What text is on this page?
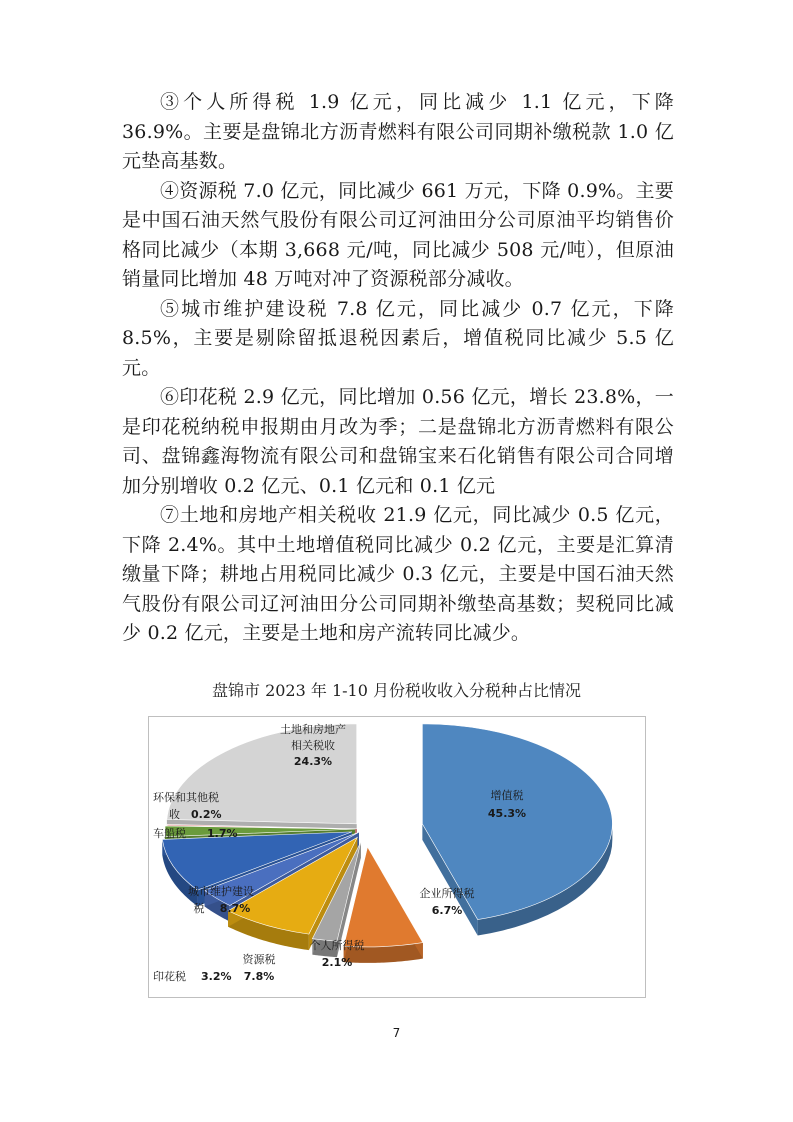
③个人所得税 1.9 亿元，同比减少 1.1 亿元，下降 36.9%。主要是盘锦北方沥青燃料有限公司同期补缴税款 1.0 亿元垫高基数。

④资源税 7.0 亿元，同比减少 661 万元，下降 0.9%。主要是中国石油天然气股份有限公司辽河油田分公司原油平均销售价格同比减少（本期 3,668 元/吨，同比减少 508 元/吨），但原油销量同比增加 48 万吨对冲了资源税部分减收。

⑤城市维护建设税 7.8 亿元，同比减少 0.7 亿元，下降 8.5%，主要是剔除留抵退税因素后，增值税同比减少 5.5 亿元。

⑥印花税 2.9 亿元，同比增加 0.56 亿元，增长 23.8%，一是印花税纳税申报期由月改为季；二是盘锦北方沥青燃料有限公司、盘锦鑫海物流有限公司和盘锦宝来石化销售有限公司合同增加分别增收 0.2 亿元、0.1 亿元和 0.1 亿元

⑦土地和房地产相关税收 21.9 亿元，同比减少 0.5 亿元，下降 2.4%。其中土地增值税同比减少 0.2 亿元，主要是汇算清缴量下降；耕地占用税同比减少 0.3 亿元，主要是中国石油天然气股份有限公司辽河油田分公司同期补缴垫高基数；契税同比减少 0.2 亿元，主要是土地和房产流转同比减少。

盘锦市 2023 年 1-10 月份税收收入分税种占比情况
增值税
45.3%
企业所得税
6.7%
个人所得税
2.1%
资源税
7.8%
印花税 3.2%
城市维护建设
税 8.7%
车船税 1.7%
环保和其他税
收 0.2%
土地和房地产
相关税收
24.3%
7
